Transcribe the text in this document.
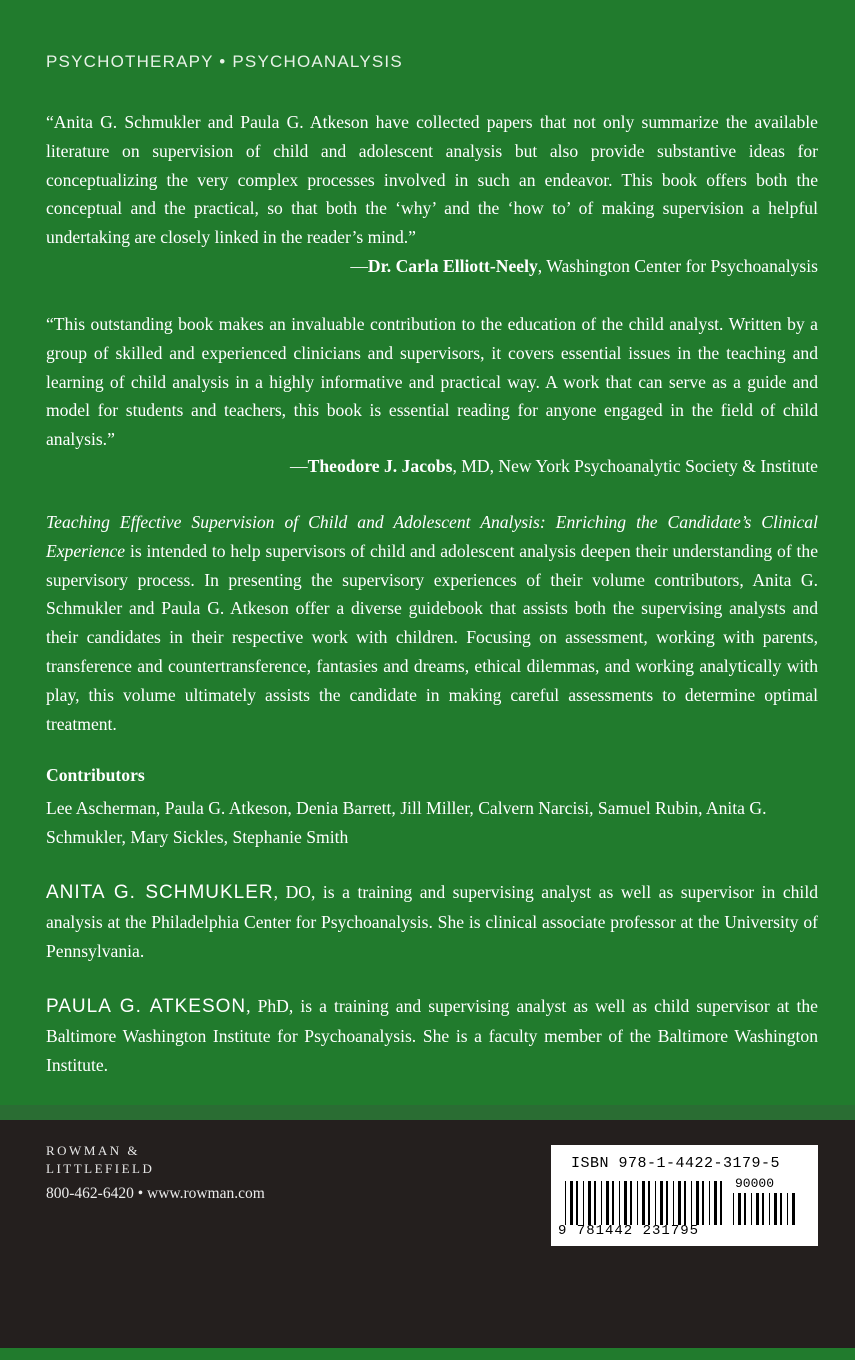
PSYCHOTHERAPY • PSYCHOANALYSIS
“Anita G. Schmukler and Paula G. Atkeson have collected papers that not only summarize the available literature on supervision of child and adolescent analysis but also provide substantive ideas for conceptualizing the very complex processes involved in such an endeavor. This book offers both the conceptual and the practical, so that both the ‘why’ and the ‘how to’ of making supervision a helpful undertaking are closely linked in the reader’s mind.”
—Dr. Carla Elliott-Neely, Washington Center for Psychoanalysis
“This outstanding book makes an invaluable contribution to the education of the child analyst. Written by a group of skilled and experienced clinicians and supervisors, it covers essential issues in the teaching and learning of child analysis in a highly informative and practical way. A work that can serve as a guide and model for students and teachers, this book is essential reading for anyone engaged in the field of child analysis.”
—Theodore J. Jacobs, MD, New York Psychoanalytic Society & Institute
Teaching Effective Supervision of Child and Adolescent Analysis: Enriching the Candidate’s Clinical Experience is intended to help supervisors of child and adolescent analysis deepen their understanding of the supervisory process. In presenting the supervisory experiences of their volume contributors, Anita G. Schmukler and Paula G. Atkeson offer a diverse guidebook that assists both the supervising analysts and their candidates in their respective work with children. Focusing on assessment, working with parents, transference and countertransference, fantasies and dreams, ethical dilemmas, and working analytically with play, this volume ultimately assists the candidate in making careful assessments to determine optimal treatment.
Contributors
Lee Ascherman, Paula G. Atkeson, Denia Barrett, Jill Miller, Calvern Narcisi, Samuel Rubin, Anita G. Schmukler, Mary Sickles, Stephanie Smith
ANITA G. SCHMUKLER, DO, is a training and supervising analyst as well as supervisor in child analysis at the Philadelphia Center for Psychoanalysis. She is clinical associate professor at the University of Pennsylvania.
PAULA G. ATKESON, PhD, is a training and supervising analyst as well as child supervisor at the Baltimore Washington Institute for Psychoanalysis. She is a faculty member of the Baltimore Washington Institute.
ROWMAN &
LITTLEFIELD
800-462-6420 • www.rowman.com
ISBN 978-1-4422-3179-5
90000
9 781442 231795
